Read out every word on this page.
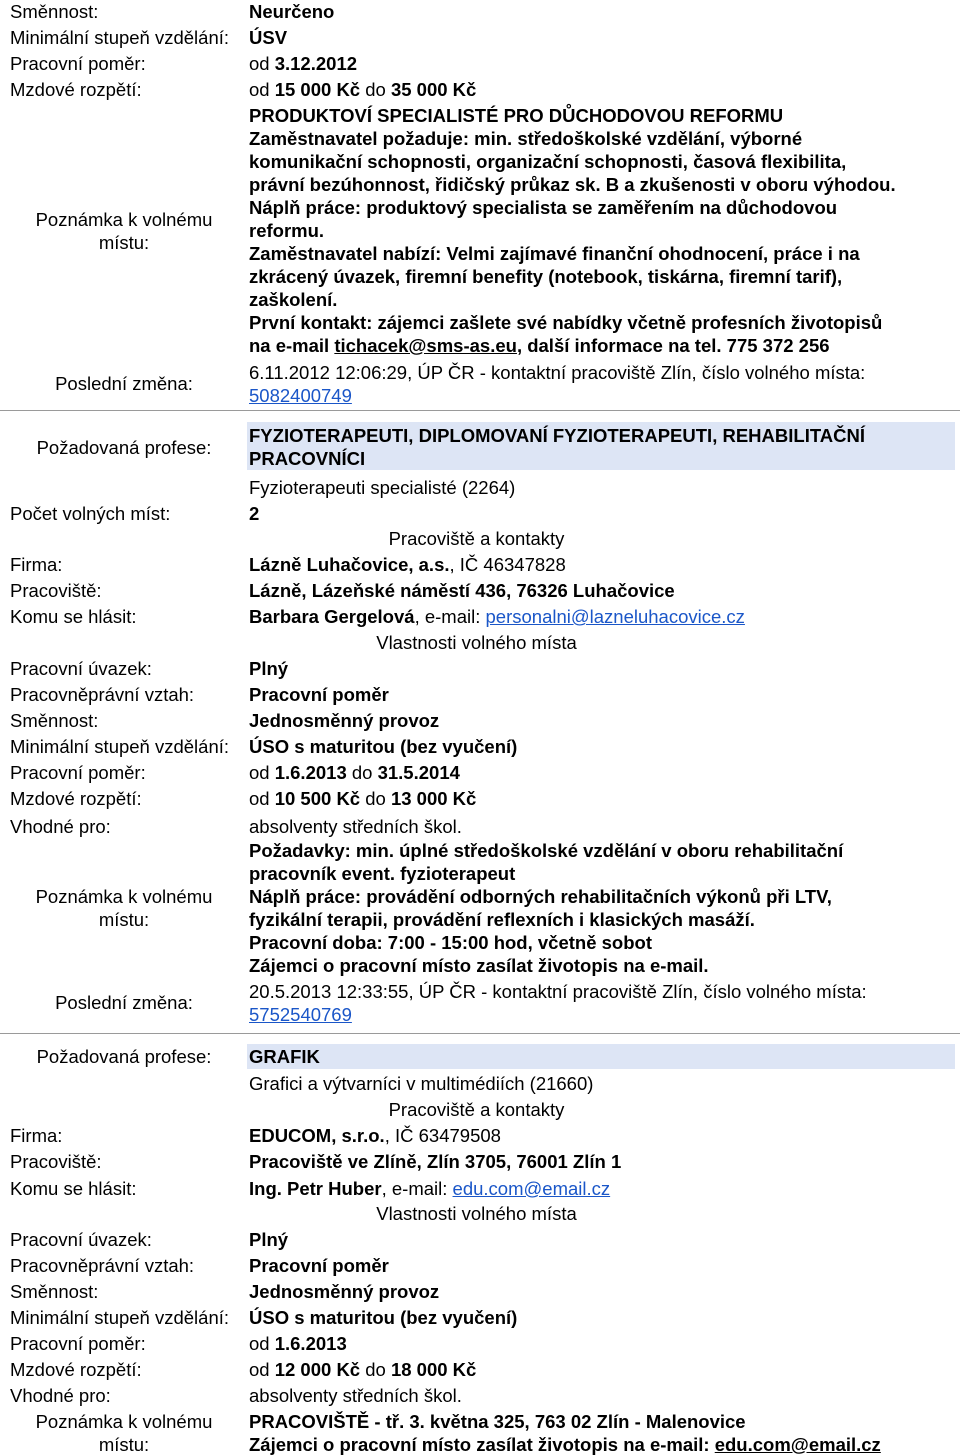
Směnnost:	Neurčeno
Minimální stupeň vzdělání: ÚSV
Pracovní poměr:	od 3.12.2012
Mzdové rozpětí:	od 15 000 Kč do 35 000 Kč
Poznámka k volnému
místu:
PRODUKTOVÍ SPECIALISTÉ PRO DŮCHODOVOU REFORMU
Zaměstnavatel požaduje: min. středoškolské vzdělání, výborné
komunikační schopnosti, organizační schopnosti, časová flexibilita,
právní bezúhonnost, řidičský průkaz sk. B a zkušenosti v oboru výhodou.
Náplň práce: produktový specialista se zaměřením na důchodovou
reformu.
Zaměstnavatel nabízí: Velmi zajímavé finanční ohodnocení, práce i na
zkrácený úvazek, firemní benefity (notebook, tiskárna, firemní tarif),
zaškolení.
První kontakt: zájemci zašlete své nabídky včetně profesních životopisů
na e-mail tichacek@sms-as.eu, další informace na tel. 775 372 256
Poslední změna:
6.11.2012 12:06:29, ÚP ČR - kontaktní pracoviště Zlín, číslo volného místa:
5082400749
Požadovaná profese:
FYZIOTERAPEUTI, DIPLOMOVANÍ FYZIOTERAPEUTI, REHABILITAČNÍ
PRACOVNÍCI
Fyzioterapeuti specialisté (2264)
Počet volných míst:	2
Pracoviště a kontakty
Firma:	Lázně Luhačovice, a.s., IČ 46347828
Pracoviště:	Lázně, Lázeňské náměstí 436, 76326 Luhačovice
Komu se hlásit:	Barbara Gergelová, e-mail: personalni@lazneluhacovice.cz
Vlastnosti volného místa
Pracovní úvazek:	Plný
Pracovněprávní vztah:	Pracovní poměr
Směnnost:	Jednosměnný provoz
Minimální stupeň vzdělání: ÚSO s maturitou (bez vyučení)
Pracovní poměr:	od 1.6.2013 do 31.5.2014
Mzdové rozpětí:	od 10 500 Kč do 13 000 Kč
Vhodné pro:	absolventy středních škol.
Poznámka k volnému
místu:
Požadavky: min. úplné středoškolské vzdělání v oboru rehabilitační
pracovník event. fyzioterapeut
Náplň práce: provádění odborných rehabilitačních výkonů při LTV,
fyzikální terapii, provádění reflexních i klasických masáží.
Pracovní doba: 7:00 - 15:00 hod, včetně sobot
Zájemci o pracovní místo zasílat životopis na e-mail.
Poslední změna:
20.5.2013 12:33:55, ÚP ČR - kontaktní pracoviště Zlín, číslo volného místa:
5752540769
Požadovaná profese:	GRAFIK
Grafici a výtvarníci v multimédiích (21660)
Pracoviště a kontakty
Firma:	EDUCOM, s.r.o., IČ 63479508
Pracoviště:	Pracoviště ve Zlíně, Zlín 3705, 76001 Zlín 1
Komu se hlásit:	Ing. Petr Huber, e-mail: edu.com@email.cz
Vlastnosti volného místa
Pracovní úvazek:	Plný
Pracovněprávní vztah:	Pracovní poměr
Směnnost:	Jednosměnný provoz
Minimální stupeň vzdělání: ÚSO s maturitou (bez vyučení)
Pracovní poměr:	od 1.6.2013
Mzdové rozpětí:	od 12 000 Kč do 18 000 Kč
Vhodné pro:	absolventy středních škol.
Poznámka k volnému
místu:
PRACOVIŠTĚ - tř. 3. května 325, 763 02 Zlín - Malenovice
Zájemci o pracovní místo zasílat životopis na e-mail: edu.com@email.cz
